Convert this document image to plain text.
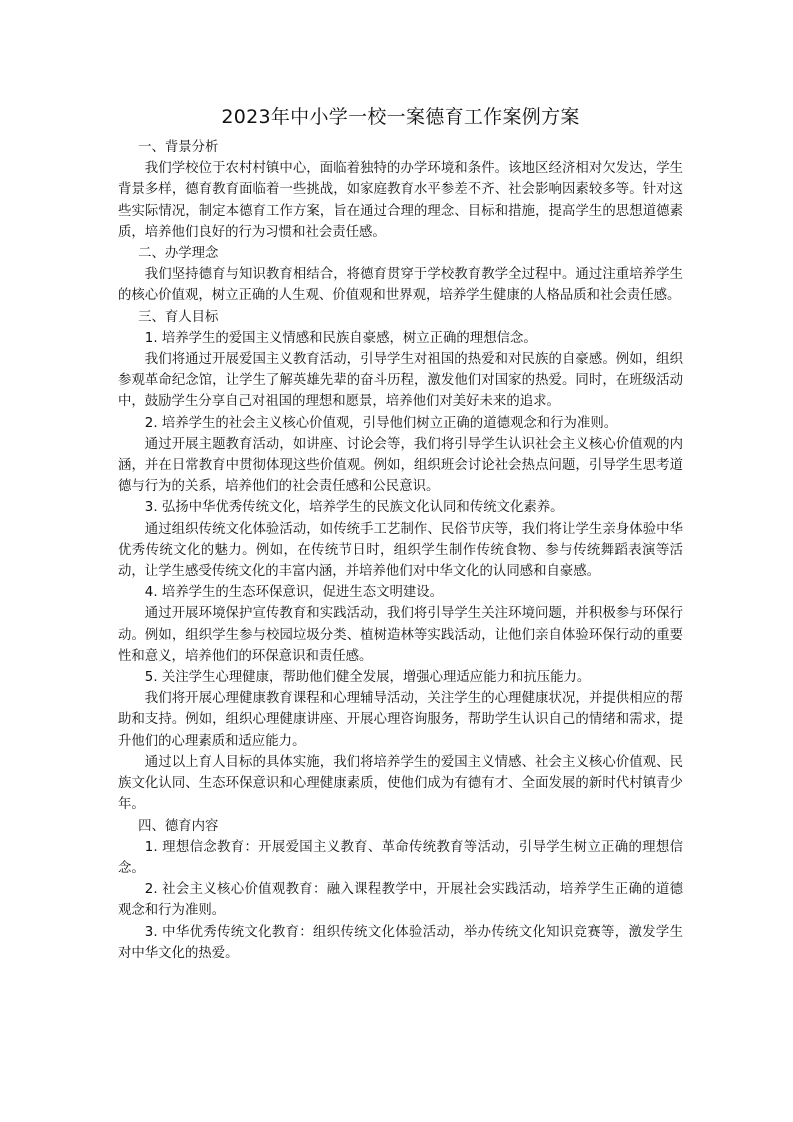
2023年中小学一校一案德育工作案例方案

一、背景分析

我们学校位于农村村镇中心，面临着独特的办学环境和条件。该地区经济相对欠发达，学生背景多样，德育教育面临着一些挑战，如家庭教育水平参差不齐、社会影响因素较多等。针对这些实际情况，制定本德育工作方案，旨在通过合理的理念、目标和措施，提高学生的思想道德素质，培养他们良好的行为习惯和社会责任感。

二、办学理念

我们坚持德育与知识教育相结合，将德育贯穿于学校教育教学全过程中。通过注重培养学生的核心价值观，树立正确的人生观、价值观和世界观，培养学生健康的人格品质和社会责任感。

三、育人目标

1. 培养学生的爱国主义情感和民族自豪感，树立正确的理想信念。

我们将通过开展爱国主义教育活动，引导学生对祖国的热爱和对民族的自豪感。例如，组织参观革命纪念馆，让学生了解英雄先辈的奋斗历程，激发他们对国家的热爱。同时，在班级活动中，鼓励学生分享自己对祖国的理想和愿景，培养他们对美好未来的追求。

2. 培养学生的社会主义核心价值观，引导他们树立正确的道德观念和行为准则。

通过开展主题教育活动，如讲座、讨论会等，我们将引导学生认识社会主义核心价值观的内涵，并在日常教育中贯彻体现这些价值观。例如，组织班会讨论社会热点问题，引导学生思考道德与行为的关系，培养他们的社会责任感和公民意识。

3. 弘扬中华优秀传统文化，培养学生的民族文化认同和传统文化素养。

通过组织传统文化体验活动，如传统手工艺制作、民俗节庆等，我们将让学生亲身体验中华优秀传统文化的魅力。例如，在传统节日时，组织学生制作传统食物、参与传统舞蹈表演等活动，让学生感受传统文化的丰富内涵，并培养他们对中华文化的认同感和自豪感。

4. 培养学生的生态环保意识，促进生态文明建设。

通过开展环境保护宣传教育和实践活动，我们将引导学生关注环境问题，并积极参与环保行动。例如，组织学生参与校园垃圾分类、植树造林等实践活动，让他们亲自体验环保行动的重要性和意义，培养他们的环保意识和责任感。

5. 关注学生心理健康，帮助他们健全发展，增强心理适应能力和抗压能力。

我们将开展心理健康教育课程和心理辅导活动，关注学生的心理健康状况，并提供相应的帮助和支持。例如，组织心理健康讲座、开展心理咨询服务，帮助学生认识自己的情绪和需求，提升他们的心理素质和适应能力。

通过以上育人目标的具体实施，我们将培养学生的爱国主义情感、社会主义核心价值观、民族文化认同、生态环保意识和心理健康素质，使他们成为有德有才、全面发展的新时代村镇青少年。

四、德育内容

1. 理想信念教育：开展爱国主义教育、革命传统教育等活动，引导学生树立正确的理想信念。

2. 社会主义核心价值观教育：融入课程教学中，开展社会实践活动，培养学生正确的道德观念和行为准则。

3. 中华优秀传统文化教育：组织传统文化体验活动，举办传统文化知识竞赛等，激发学生对中华文化的热爱。
